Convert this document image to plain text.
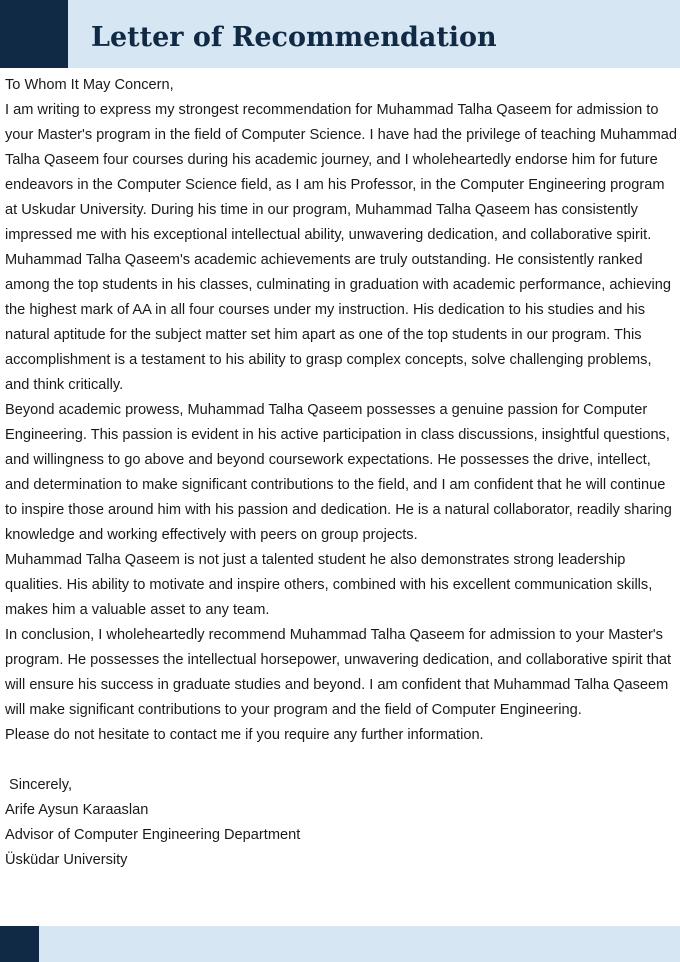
Letter of Recommendation

To Whom It May Concern,

I am writing to express my strongest recommendation for Muhammad Talha Qaseem for admission to your Master's program in the field of Computer Science. I have had the privilege of teaching Muhammad Talha Qaseem four courses during his academic journey, and I wholeheartedly endorse him for future endeavors in the Computer Science field, as I am his Professor, in the Computer Engineering program at Uskudar University. During his time in our program, Muhammad Talha Qaseem has consistently impressed me with his exceptional intellectual ability, unwavering dedication, and collaborative spirit.

Muhammad Talha Qaseem's academic achievements are truly outstanding. He consistently ranked among the top students in his classes, culminating in graduation with academic performance, achieving the highest mark of AA in all four courses under my instruction. His dedication to his studies and his natural aptitude for the subject matter set him apart as one of the top students in our program. This accomplishment is a testament to his ability to grasp complex concepts, solve challenging problems, and think critically.

Beyond academic prowess, Muhammad Talha Qaseem possesses a genuine passion for Computer Engineering. This passion is evident in his active participation in class discussions, insightful questions, and willingness to go above and beyond coursework expectations. He possesses the drive, intellect, and determination to make significant contributions to the field, and I am confident that he will continue to inspire those around him with his passion and dedication. He is a natural collaborator, readily sharing knowledge and working effectively with peers on group projects.

Muhammad Talha Qaseem is not just a talented student he also demonstrates strong leadership qualities. His ability to motivate and inspire others, combined with his excellent communication skills, makes him a valuable asset to any team.

In conclusion, I wholeheartedly recommend Muhammad Talha Qaseem for admission to your Master's program. He possesses the intellectual horsepower, unwavering dedication, and collaborative spirit that will ensure his success in graduate studies and beyond. I am confident that Muhammad Talha Qaseem will make significant contributions to your program and the field of Computer Engineering.

Please do not hesitate to contact me if you require any further information.

Sincerely,
Arife Aysun Karaaslan
Advisor of Computer Engineering Department
Üsküdar University
